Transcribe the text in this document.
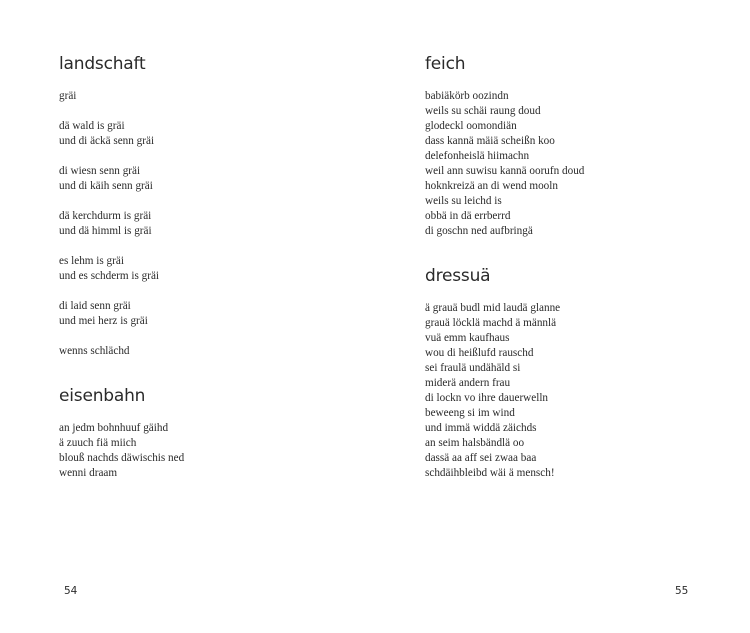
landschaft
gräi
dä wald is gräi
und di äckä senn gräi
di wiesn senn gräi
und di käih senn gräi
dä kerchdurm is gräi
und dä himml is gräi
es lehm is gräi
und es schderm is gräi
di laid senn gräi
und mei herz is gräi
wenns schlächd
eisenbahn
an jedm bohnhuuf gäihd
ä zuuch fiä miich
blouß nachds däwischis ned
wenni draam
54
feich
babiäkörb oozindn
weils su schäi raung doud
glodeckl oomondiän
dass kannä mäiä scheißn koo
delefonheislä hiimachn
weil ann suwisu kannä oorufn doud
hoknkreizä an di wend mooln
weils su leichd is
obbä in dä errberrd
di goschn ned aufbringä
dressuä
ä grauä budl mid laudä glanne
grauä löcklä machd ä männlä
vuä emm kaufhaus
wou di heißlufd rauschd
sei fraulä undähäld si
miderä andern frau
di lockn vo ihre dauerwelln
beweeng si im wind
und immä widdä zäichds
an seim halsbändlä oo
dassä aa aff sei zwaa baa
schdäihbleibd wäi ä mensch!
55
